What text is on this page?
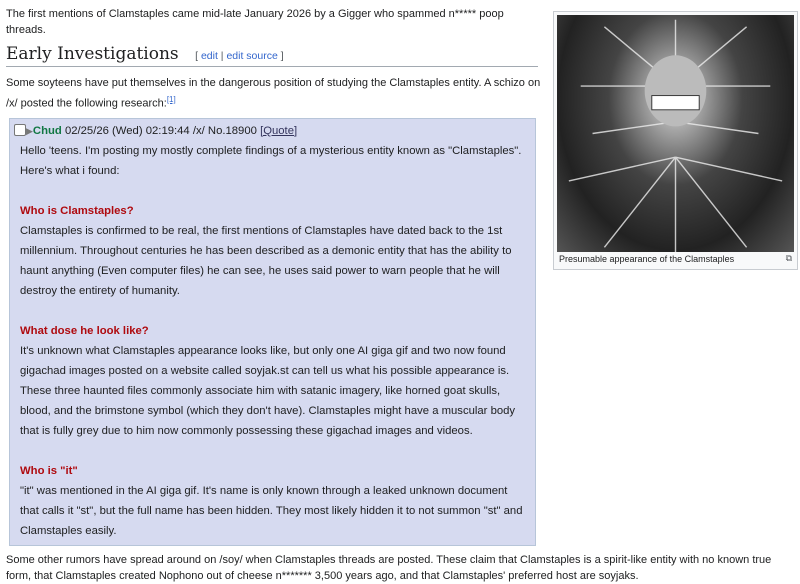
The first mentions of Clamstaples came mid-late January 2026 by a Gigger who spammed n***** poop threads.

Early Investigations [ edit | edit source ]

Some soyteens have put themselves in the dangerous position of studying the Clamstaples entity. A schizo on /x/ posted the following research:[1]

▶Chud 02/25/26 (Wed) 02:19:44 /x/ No.18900 [Quote]
Hello 'teens. I'm posting my mostly complete findings of a mysterious entity known as "Clamstaples". Here's what i found:
Who is Clamstaples?
Clamstaples is confirmed to be real, the first mentions of Clamstaples have dated back to the 1st millennium. Throughout centuries he has been described as a demonic entity that has the ability to haunt anything (Even computer files) he can see, he uses said power to warn people that he will destroy the entirety of humanity.
What dose he look like?
It's unknown what Clamstaples appearance looks like, but only one AI giga gif and two now found gigachad images posted on a website called soyjak.st can tell us what his possible appearance is. These three haunted files commonly associate him with satanic imagery, like horned goat skulls, blood, and the brimstone symbol (which they don't have). Clamstaples might have a muscular body that is fully grey due to him now commonly possessing these gigachad images and videos.
Who is "it"
"it" was mentioned in the AI giga gif. It's name is only known through a leaked unknown document that calls it "st", but the full name has been hidden. They most likely hidden it to not summon "st" and Clamstaples easily.

Some other rumors have spread around on /soy/ when Clamstaples threads are posted. These claim that Clamstaples is a spirit-like entity with no known true form, that Clamstaples created Nophono out of cheese n******* 3,500 years ago, and that Clamstaples' preferred host are soyjaks.

Presumable appearance of the Clamstaples	⧉
